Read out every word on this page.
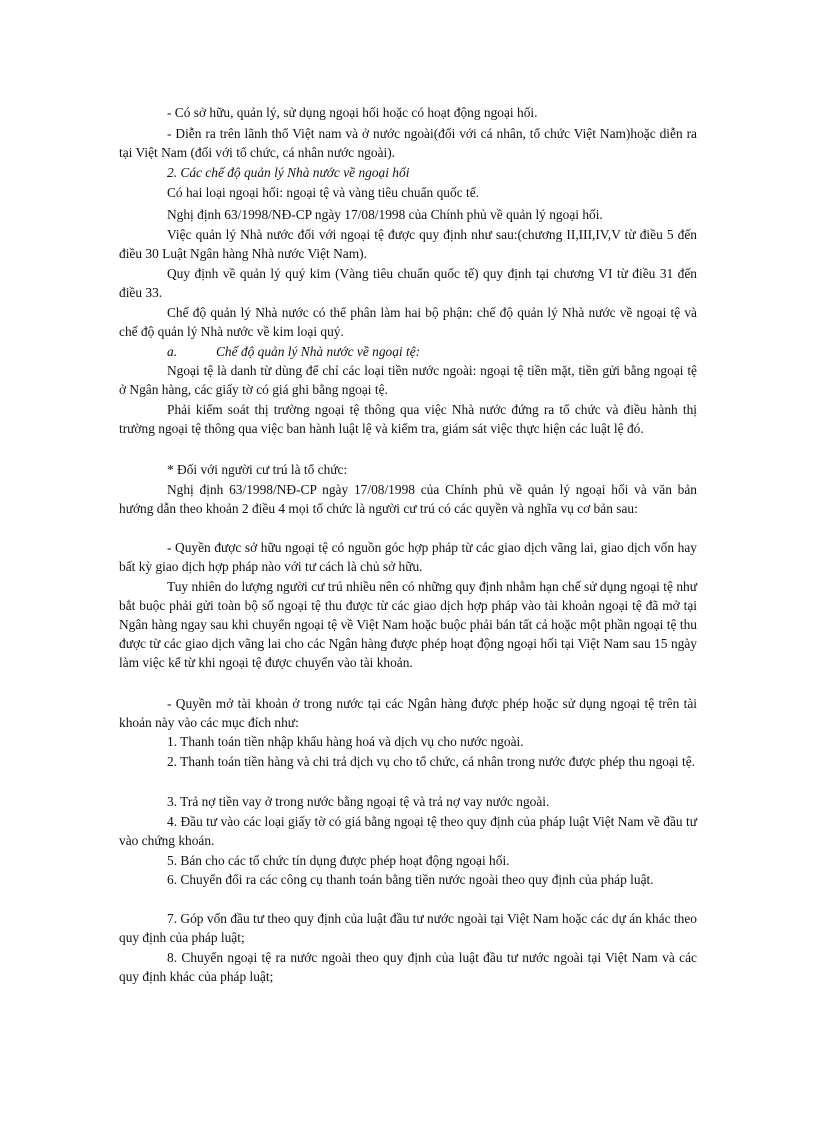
- Có sở hữu, quản lý, sử dụng ngoại hối hoặc có hoạt động ngoại hối.

- Diễn ra trên lãnh thổ Việt nam và ở nước ngoài(đối với cá nhân, tổ chức Việt Nam)hoặc diễn ra tại Việt Nam (đối với tổ chức, cá nhân nước ngoài).

2. Các chế độ quản lý Nhà nước về ngoại hối

Có hai loại ngoại hối: ngoại tệ và vàng tiêu chuẩn quốc tế.

Nghị định 63/1998/NĐ-CP ngày 17/08/1998 của Chính phủ về quản lý ngoại hối.

Việc quản lý Nhà nước đối với ngoại tệ được quy định như sau:(chương II,III,IV,V từ điều 5 đến điều 30 Luật Ngân hàng Nhà nước Việt Nam).

Quy định về quản lý quý kim (Vàng tiêu chuẩn quốc tế) quy định tại chương VI từ điều 31 đến điều 33.

Chế độ quản lý Nhà nước có thể phân làm hai bộ phận: chế độ quản lý Nhà nước về ngoại tệ và chế độ quản lý Nhà nước về kim loại quý.

a.	Chế độ quản lý Nhà nước về ngoại tệ:

Ngoại tệ là danh từ dùng để chỉ các loại tiền nước ngoài: ngoại tệ tiền mặt, tiền gửi bằng ngoại tệ ở Ngân hàng, các giấy tờ có giá ghi bằng ngoại tệ.

Phải kiểm soát thị trường ngoại tệ thông qua việc Nhà nước đứng ra tổ chức và điều hành thị trường ngoại tệ thông qua việc ban hành luật lệ và kiểm tra, giám sát việc thực hiện các luật lệ đó.

* Đối với người cư trú là tổ chức:

Nghị định 63/1998/NĐ-CP ngày 17/08/1998 của Chính phủ về quản lý ngoại hối và văn bản hướng dẫn theo khoản 2 điều 4 mọi tổ chức là người cư trú có các quyền và nghĩa vụ cơ bản sau:

- Quyền được sở hữu ngoại tệ có nguồn góc hợp pháp từ các giao dịch vãng lai, giao dịch vốn hay bất kỳ giao dịch hợp pháp nào với tư cách là chủ sở hữu.

Tuy nhiên do lượng người cư trú nhiều nên có những quy định nhằm hạn chế sử dụng ngoại tệ như bắt buộc phải gửi toàn bộ số ngoại tệ thu được từ các giao dịch hợp pháp vào tài khoản ngoại tệ đã mở tại Ngân hàng ngay sau khi chuyển ngoại tệ về Việt Nam hoặc buộc phải bán tất cả hoặc một phần ngoại tệ thu được từ các giao dịch vãng lai cho các Ngân hàng được phép hoạt động ngoại hối tại Việt Nam sau 15 ngày làm việc kể từ khi ngoại tệ được chuyển vào tài khoản.

- Quyền mở tài khoản ở trong nước tại các Ngân hàng được phép hoặc sử dụng ngoại tệ trên tài khoản này vào các mục đích như:

1. Thanh toán tiền nhập khẩu hàng hoá và dịch vụ cho nước ngoài.

2. Thanh toán tiền hàng và chi trả dịch vụ cho tổ chức, cá nhân trong nước được phép thu ngoại tệ.

3. Trả nợ tiền vay ở trong nước bằng ngoại tệ và trả nợ vay nước ngoài.

4. Đầu tư vào các loại giấy tờ có giá bằng ngoại tệ theo quy định của pháp luật Việt Nam về đầu tư vào chứng khoán.

5. Bán cho các tổ chức tín dụng được phép hoạt động ngoại hối.

6. Chuyển đổi ra các công cụ thanh toán bằng tiền nước ngoài theo quy định của pháp luật.

7. Góp vốn đầu tư theo quy định của luật đầu tư nước ngoài tại Việt Nam hoặc các dự án khác theo quy định của pháp luật;

8. Chuyển ngoại tệ ra nước ngoài theo quy định của luật đầu tư nước ngoài tại Việt Nam và các quy định khác của pháp luật;
